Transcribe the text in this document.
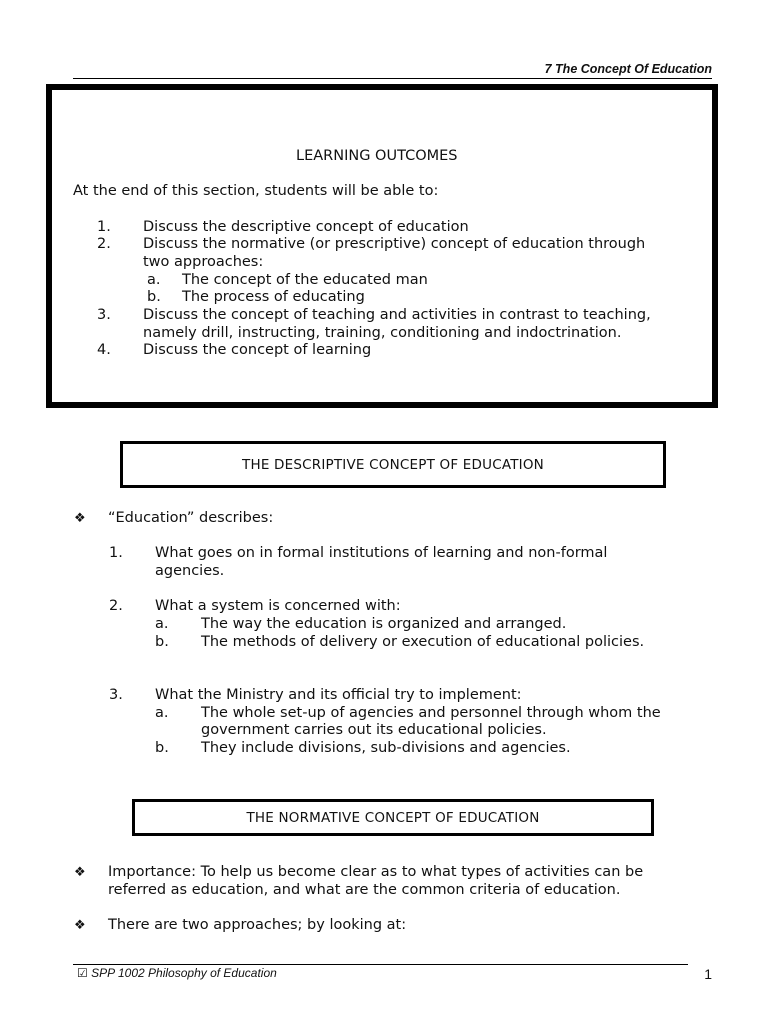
7 The Concept Of Education
LEARNING OUTCOMES
At the end of this section, students will be able to:
1. Discuss the descriptive concept of education
2. Discuss the normative (or prescriptive) concept of education through
two approaches:
a. The concept of the educated man
b. The process of educating
3. Discuss the concept of teaching and activities in contrast to teaching,
namely drill, instructing, training, conditioning and indoctrination.
4. Discuss the concept of learning
THE DESCRIPTIVE CONCEPT OF EDUCATION
❖ “Education” describes:
1. What goes on in formal institutions of learning and non-formal
agencies.
2. What a system is concerned with:
a. The way the education is organized and arranged.
b. The methods of delivery or execution of educational policies.
3. What the Ministry and its official try to implement:
a. The whole set-up of agencies and personnel through whom the
government carries out its educational policies.
b. They include divisions, sub-divisions and agencies.
THE NORMATIVE CONCEPT OF EDUCATION
❖ Importance: To help us become clear as to what types of activities can be
referred as education, and what are the common criteria of education.
❖ There are two approaches; by looking at:
☑ SPP 1002 Philosophy of Education	1
